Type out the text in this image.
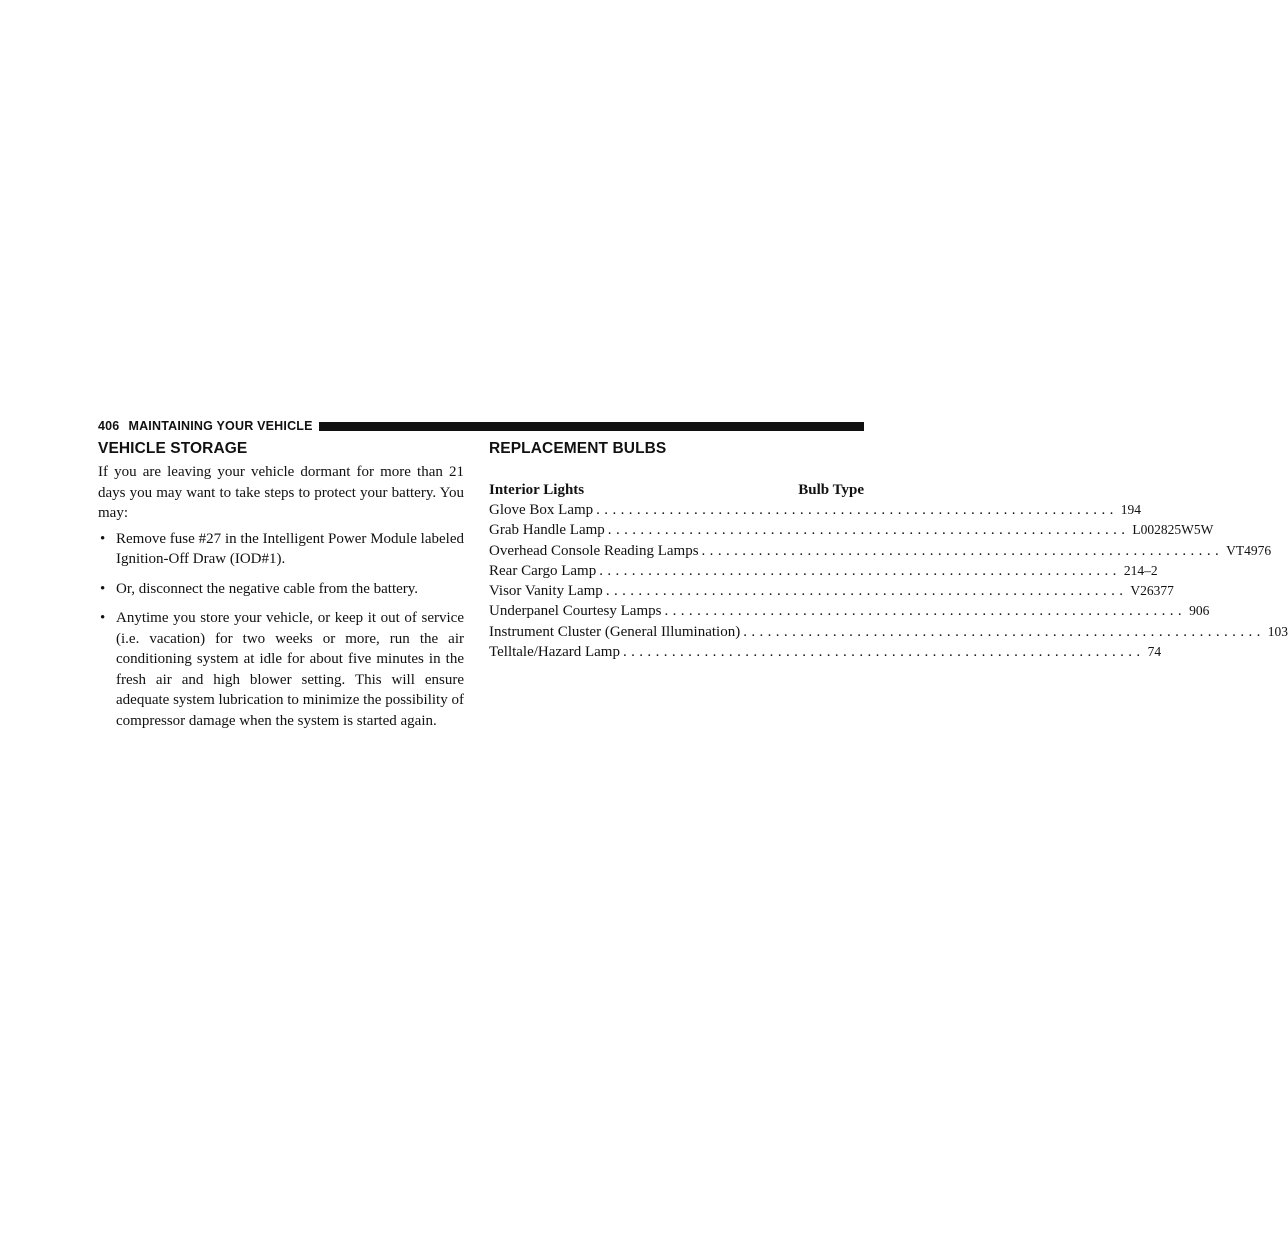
406 MAINTAINING YOUR VEHICLE
VEHICLE STORAGE

If you are leaving your vehicle dormant for more than 21 days you may want to take steps to protect your battery. You may:

• Remove fuse #27 in the Intelligent Power Module labeled Ignition-Off Draw (IOD#1).
• Or, disconnect the negative cable from the battery.
• Anytime you store your vehicle, or keep it out of service (i.e. vacation) for two weeks or more, run the air conditioning system at idle for about five minutes in the fresh air and high blower setting. This will ensure adequate system lubrication to minimize the possibility of compressor damage when the system is started again.
REPLACEMENT BULBS
Interior Lights	Bulb Type
Glove Box Lamp ................................................................ 194
Grab Handle Lamp ................................................................ L002825W5W
Overhead Console Reading Lamps ................................................................ VT4976
Rear Cargo Lamp ................................................................ 214–2
Visor Vanity Lamp ................................................................ V26377
Underpanel Courtesy Lamps ................................................................ 906
Instrument Cluster (General Illumination) ................................................................ 103
Telltale/Hazard Lamp ................................................................ 74
